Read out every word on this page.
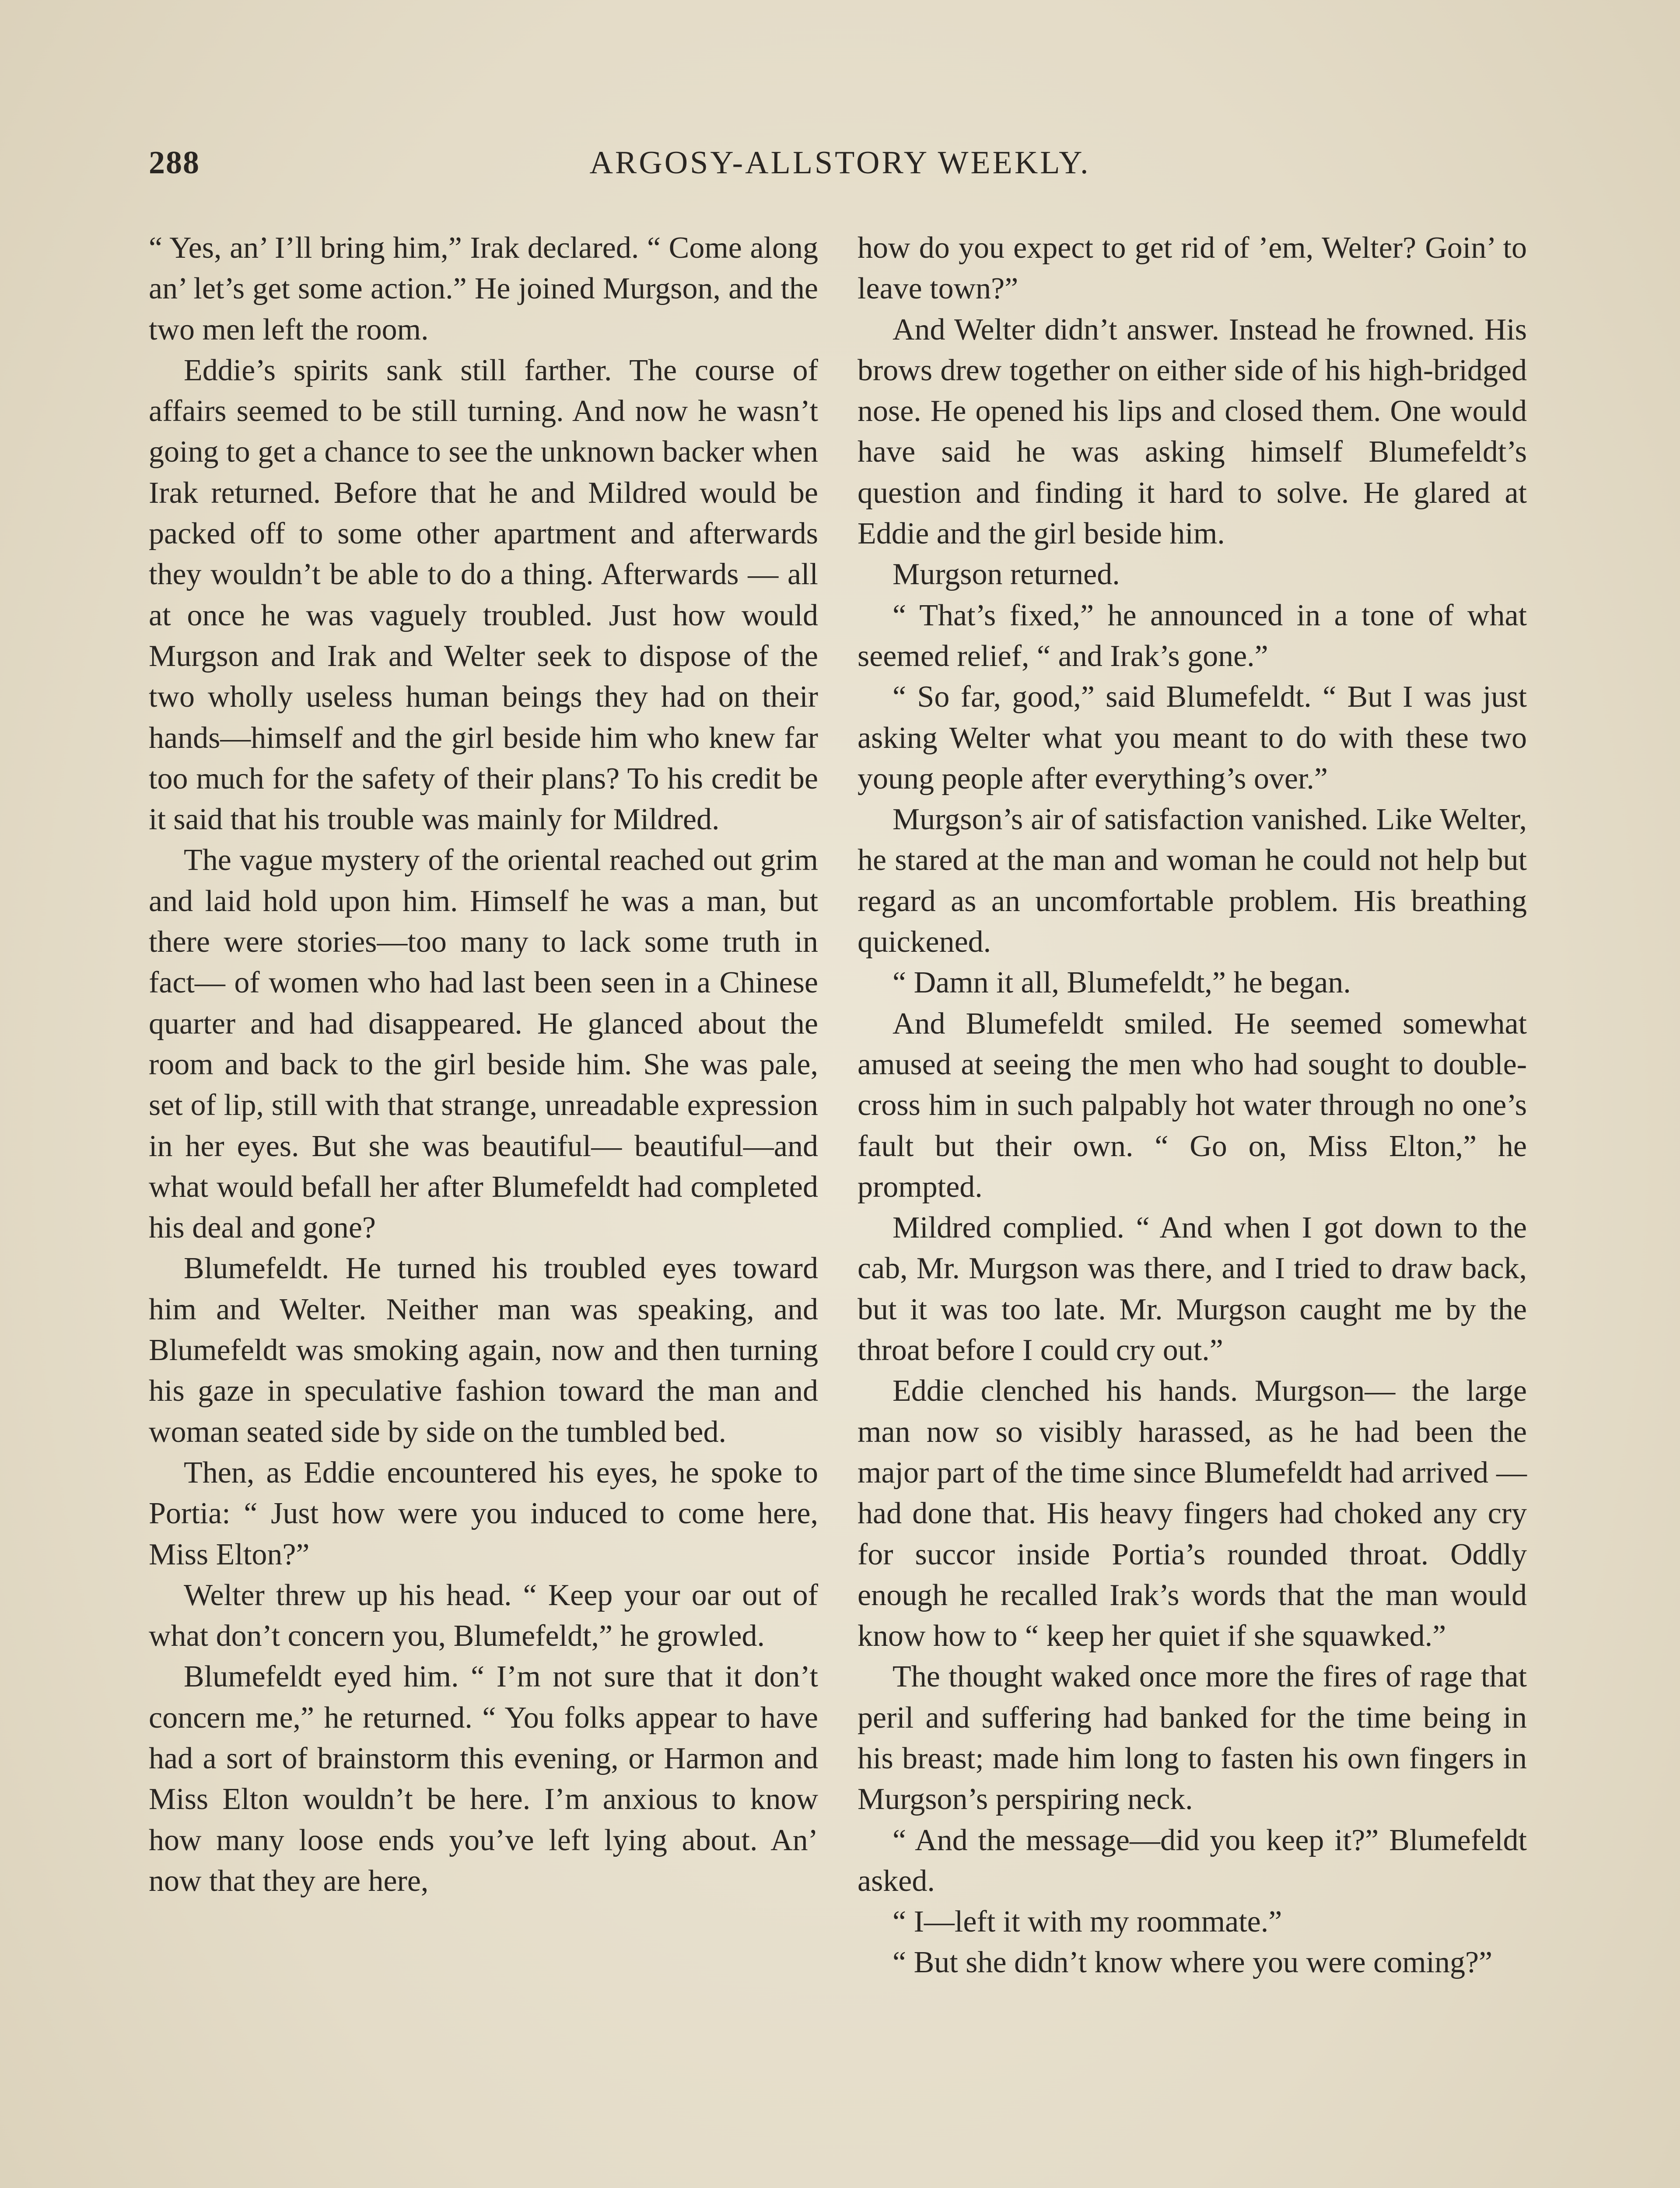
288	ARGOSY-ALLSTORY WEEKLY.

“ Yes, an’ I’ll bring him,” Irak declared. “ Come along an’ let’s get some action.” He joined Murgson, and the two men left the room.

Eddie’s spirits sank still farther. The course of affairs seemed to be still turning. And now he wasn’t going to get a chance to see the unknown backer when Irak returned. Before that he and Mildred would be packed off to some other apartment and afterwards they wouldn’t be able to do a thing. Afterwards — all at once he was vaguely troubled. Just how would Murgson and Irak and Welter seek to dispose of the two wholly useless human beings they had on their hands—himself and the girl beside him who knew far too much for the safety of their plans? To his credit be it said that his trouble was mainly for Mildred.

The vague mystery of the oriental reached out grim and laid hold upon him. Himself he was a man, but there were stories—too many to lack some truth in fact— of women who had last been seen in a Chinese quarter and had disappeared. He glanced about the room and back to the girl beside him. She was pale, set of lip, still with that strange, unreadable expression in her eyes. But she was beautiful— beautiful—and what would befall her after Blumefeldt had completed his deal and gone?

Blumefeldt. He turned his troubled eyes toward him and Welter. Neither man was speaking, and Blumefeldt was smoking again, now and then turning his gaze in speculative fashion toward the man and woman seated side by side on the tumbled bed.

Then, as Eddie encountered his eyes, he spoke to Portia: “ Just how were you induced to come here, Miss Elton?”

Welter threw up his head. “ Keep your oar out of what don’t concern you, Blumefeldt,” he growled.

Blumefeldt eyed him. “ I’m not sure that it don’t concern me,” he returned. “ You folks appear to have had a sort of brainstorm this evening, or Harmon and Miss Elton wouldn’t be here. I’m anxious to know how many loose ends you’ve left lying about. An’ now that they are here,

how do you expect to get rid of ’em, Welter? Goin’ to leave town?”

And Welter didn’t answer. Instead he frowned. His brows drew together on either side of his high-bridged nose. He opened his lips and closed them. One would have said he was asking himself Blumefeldt’s question and finding it hard to solve. He glared at Eddie and the girl beside him.

Murgson returned.

“ That’s fixed,” he announced in a tone of what seemed relief, “ and Irak’s gone.”

“ So far, good,” said Blumefeldt. “ But I was just asking Welter what you meant to do with these two young people after everything’s over.”

Murgson’s air of satisfaction vanished. Like Welter, he stared at the man and woman he could not help but regard as an uncomfortable problem. His breathing quickened.

“ Damn it all, Blumefeldt,” he began.

And Blumefeldt smiled. He seemed somewhat amused at seeing the men who had sought to double-cross him in such palpably hot water through no one’s fault but their own. “ Go on, Miss Elton,” he prompted.

Mildred complied. “ And when I got down to the cab, Mr. Murgson was there, and I tried to draw back, but it was too late. Mr. Murgson caught me by the throat before I could cry out.”

Eddie clenched his hands. Murgson— the large man now so visibly harassed, as he had been the major part of the time since Blumefeldt had arrived — had done that. His heavy fingers had choked any cry for succor inside Portia’s rounded throat. Oddly enough he recalled Irak’s words that the man would know how to “ keep her quiet if she squawked.”

The thought waked once more the fires of rage that peril and suffering had banked for the time being in his breast; made him long to fasten his own fingers in Murgson’s perspiring neck.

“ And the message—did you keep it?” Blumefeldt asked.

“ I—left it with my roommate.”

“ But she didn’t know where you were coming?”
